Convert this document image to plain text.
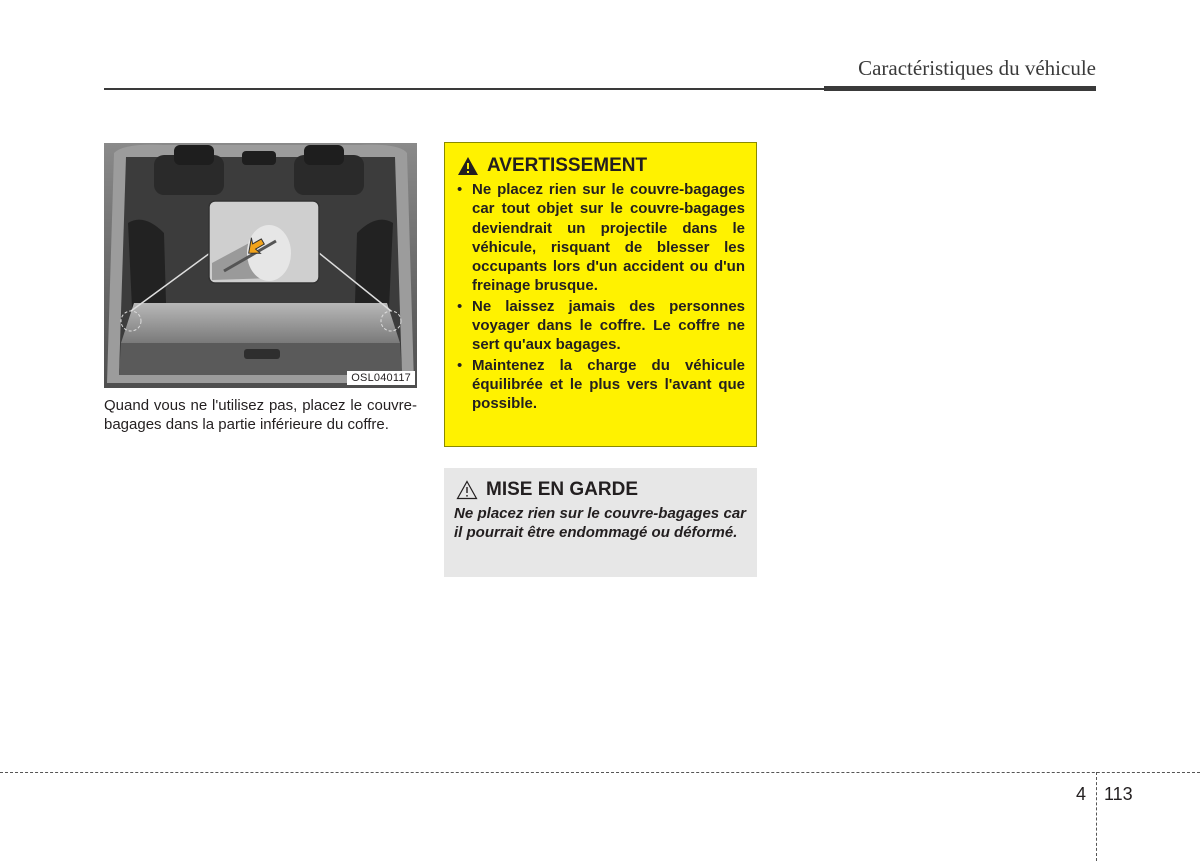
Caractéristiques du véhicule
OSL040117

Quand vous ne l'utilisez pas, placez le couvre-bagages dans la partie inférieure du coffre.

AVERTISSEMENT
• Ne placez rien sur le couvre-bagages car tout objet sur le couvre-bagages deviendrait un projectile dans le véhicule, risquant de blesser les occupants lors d'un accident ou d'un freinage brusque.
• Ne laissez jamais des personnes voyager dans le coffre. Le coffre ne sert qu'aux bagages.
• Maintenez la charge du véhicule équilibrée et le plus vers l'avant que possible.
MISE EN GARDE

Ne placez rien sur le couvre-bagages car il pourrait être endommagé ou déformé.

4 113
